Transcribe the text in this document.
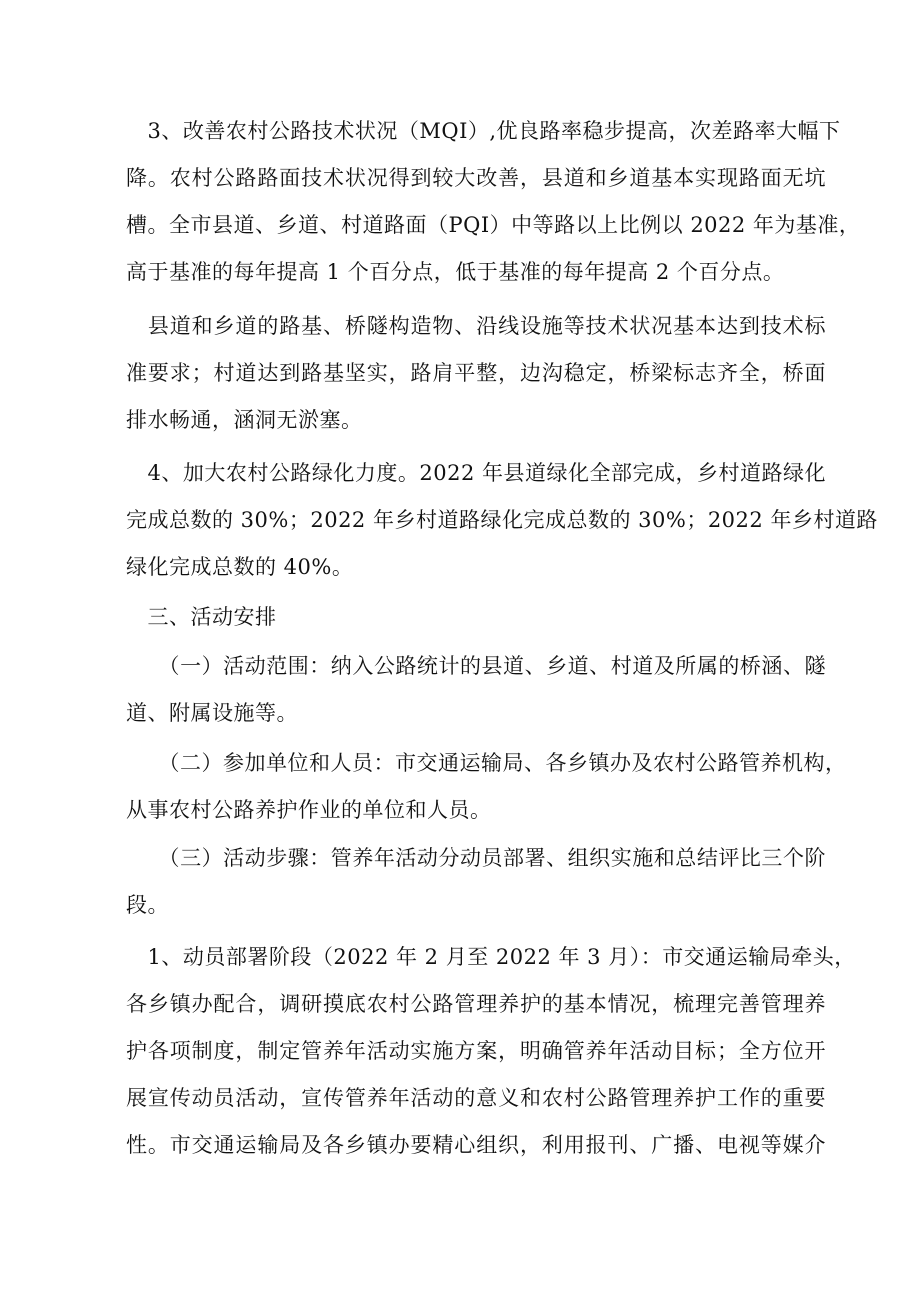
　3、改善农村公路技术状况（MQI）,优良路率稳步提高，次差路率大幅下
降。农村公路路面技术状况得到较大改善，县道和乡道基本实现路面无坑
槽。全市县道、乡道、村道路面（PQI）中等路以上比例以 2022 年为基准，
高于基准的每年提高 1 个百分点，低于基准的每年提高 2 个百分点。
　县道和乡道的路基、桥隧构造物、沿线设施等技术状况基本达到技术标
准要求；村道达到路基坚实，路肩平整，边沟稳定，桥梁标志齐全，桥面
排水畅通，涵洞无淤塞。
　4、加大农村公路绿化力度。2022 年县道绿化全部完成，乡村道路绿化
完成总数的 30%；2022 年乡村道路绿化完成总数的 30%；2022 年乡村道路
绿化完成总数的 40%。
　三、活动安排
　　（一）活动范围：纳入公路统计的县道、乡道、村道及所属的桥涵、隧
道、附属设施等。
　　（二）参加单位和人员：市交通运输局、各乡镇办及农村公路管养机构，
从事农村公路养护作业的单位和人员。
　　（三）活动步骤：管养年活动分动员部署、组织实施和总结评比三个阶
段。
　1、动员部署阶段（2022 年 2 月至 2022 年 3 月）：市交通运输局牵头，
各乡镇办配合，调研摸底农村公路管理养护的基本情况，梳理完善管理养
护各项制度，制定管养年活动实施方案，明确管养年活动目标；全方位开
展宣传动员活动，宣传管养年活动的意义和农村公路管理养护工作的重要
性。市交通运输局及各乡镇办要精心组织，利用报刊、广播、电视等媒介
